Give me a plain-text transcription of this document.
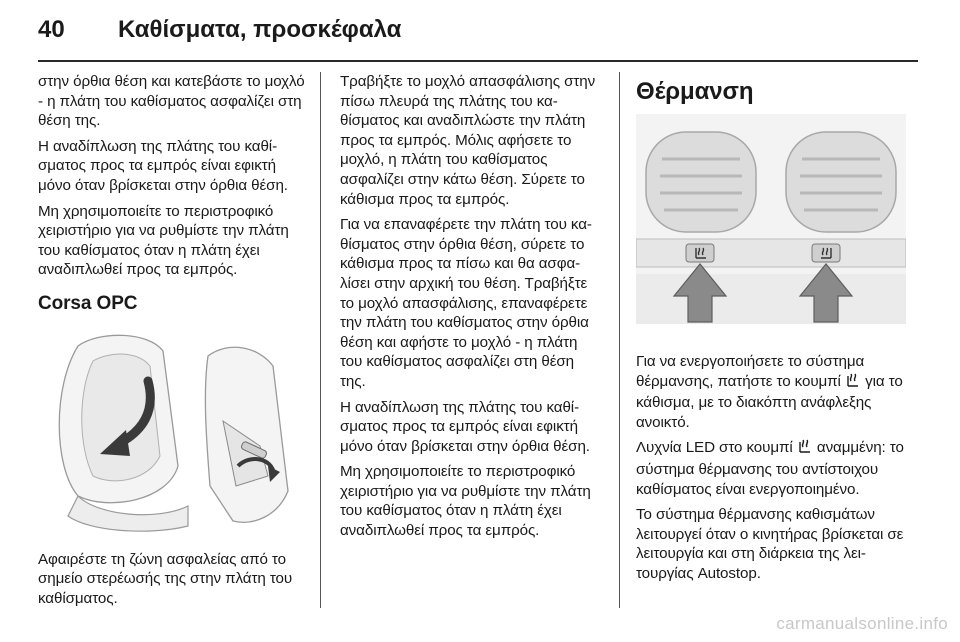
40 Καθίσματα, προσκέφαλα

στην όρθια θέση και κατεβάστε το μοχλό - η πλάτη του καθίσματος ασφαλίζει στη θέση της.

Η αναδίπλωση της πλάτης του καθίσματος προς τα εμπρός είναι εφικτή μόνο όταν βρίσκεται στην όρθια θέση.

Μη χρησιμοποιείτε το περιστροφικό χειριστήριο για να ρυθμίστε την πλάτη του καθίσματος όταν η πλάτη έχει αναδιπλωθεί προς τα εμπρός.

Corsa OPC

Αφαιρέστε τη ζώνη ασφαλείας από το σημείο στερέωσής της στην πλάτη του καθίσματος.

Τραβήξτε το μοχλό απασφάλισης στην πίσω πλευρά της πλάτης του καθίσματος και αναδιπλώστε την πλάτη προς τα εμπρός. Μόλις αφήσετε το μοχλό, η πλάτη του καθίσματος ασφαλίζει στην κάτω θέση. Σύρετε το κάθισμα προς τα εμπρός.

Για να επαναφέρετε την πλάτη του καθίσματος στην όρθια θέση, σύρετε το κάθισμα προς τα πίσω και θα ασφαλίσει στην αρχική του θέση. Τραβήξτε το μοχλό απασφάλισης, επαναφέρετε την πλάτη του καθίσματος στην όρθια θέση και αφήστε το μοχλό - η πλάτη του καθίσματος ασφαλίζει στη θέση της.

Η αναδίπλωση της πλάτης του καθίσματος προς τα εμπρός είναι εφικτή μόνο όταν βρίσκεται στην όρθια θέση.

Μη χρησιμοποιείτε το περιστροφικό χειριστήριο για να ρυθμίστε την πλάτη του καθίσματος όταν η πλάτη έχει αναδιπλωθεί προς τα εμπρός.

Θέρμανση

Για να ενεργοποιήσετε το σύστημα θέρμανσης, πατήστε το κουμπί  για το κάθισμα, με το διακόπτη ανάφλεξης ανοικτό.

Λυχνία LED στο κουμπί  αναμμένη: το σύστημα θέρμανσης του αντίστοιχου καθίσματος είναι ενεργοποιημένο.

Το σύστημα θέρμανσης καθισμάτων λειτουργεί όταν ο κινητήρας βρίσκεται σε λειτουργία και στη διάρκεια της λειτουργίας Autostop.

carmanualsonline.info
